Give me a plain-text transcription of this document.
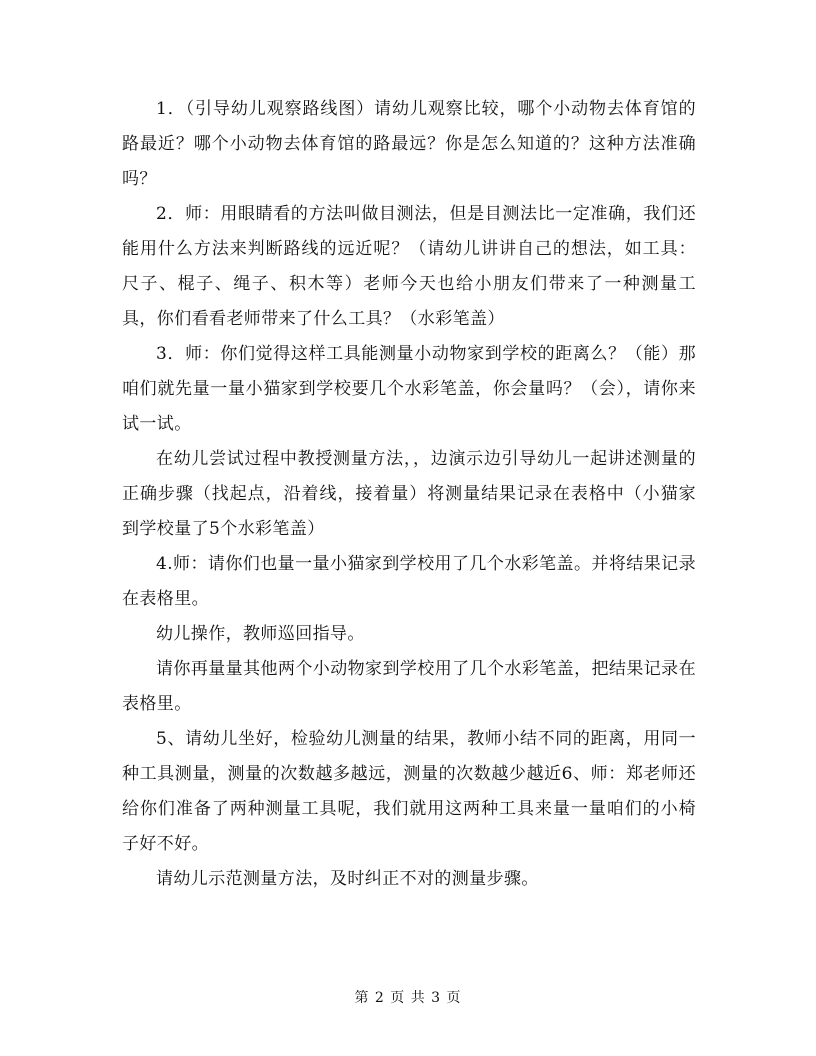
1．（引导幼儿观察路线图）请幼儿观察比较，哪个小动物去体育馆的路最近？哪个小动物去体育馆的路最远？你是怎么知道的？这种方法准确吗？

2．师：用眼睛看的方法叫做目测法，但是目测法比一定准确，我们还能用什么方法来判断路线的远近呢？（请幼儿讲讲自己的想法，如工具：尺子、棍子、绳子、积木等）老师今天也给小朋友们带来了一种测量工具，你们看看老师带来了什么工具？（水彩笔盖）

3．师：你们觉得这样工具能测量小动物家到学校的距离么？（能）那咱们就先量一量小猫家到学校要几个水彩笔盖，你会量吗？（会），请你来试一试。

在幼儿尝试过程中教授测量方法，，边演示边引导幼儿一起讲述测量的正确步骤（找起点，沿着线，接着量）将测量结果记录在表格中（小猫家到学校量了5个水彩笔盖）

4.师：请你们也量一量小猫家到学校用了几个水彩笔盖。并将结果记录在表格里。

幼儿操作，教师巡回指导。

请你再量量其他两个小动物家到学校用了几个水彩笔盖，把结果记录在表格里。

5、请幼儿坐好，检验幼儿测量的结果，教师小结不同的距离，用同一种工具测量，测量的次数越多越远，测量的次数越少越近6、师：郑老师还给你们准备了两种测量工具呢，我们就用这两种工具来量一量咱们的小椅子好不好。

请幼儿示范测量方法，及时纠正不对的测量步骤。

第 2 页 共 3 页
